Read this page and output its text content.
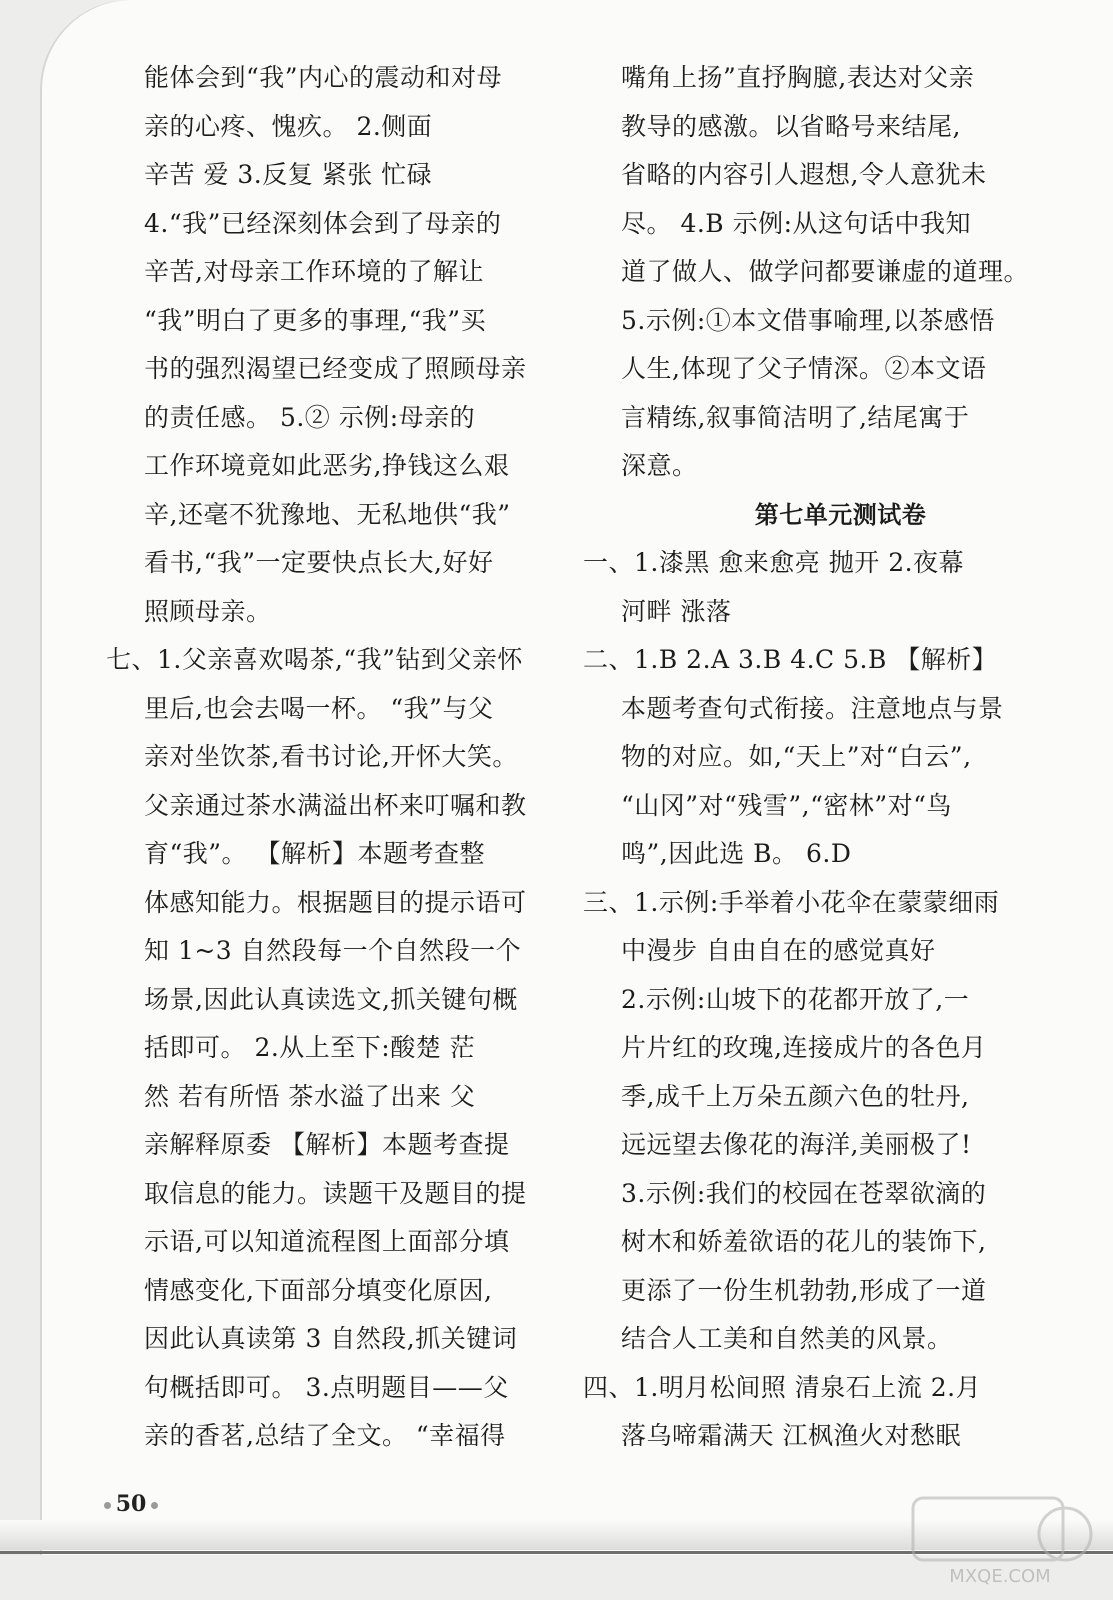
能体会到“我”内心的震动和对母
亲的心疼、愧疚。 2.侧面
辛苦 爱 3.反复 紧张 忙碌
4.“我”已经深刻体会到了母亲的
辛苦,对母亲工作环境的了解让
“我”明白了更多的事理,“我”买
书的强烈渴望已经变成了照顾母亲
的责任感。 5.② 示例:母亲的
工作环境竟如此恶劣,挣钱这么艰
辛,还毫不犹豫地、无私地供“我”
看书,“我”一定要快点长大,好好
照顾母亲。
七、1.父亲喜欢喝茶,“我”钻到父亲怀
里后,也会去喝一杯。 “我”与父
亲对坐饮茶,看书讨论,开怀大笑。
父亲通过茶水满溢出杯来叮嘱和教
育“我”。 【解析】本题考查整
体感知能力。根据题目的提示语可
知 1~3 自然段每一个自然段一个
场景,因此认真读选文,抓关键句概
括即可。 2.从上至下:酸楚 茫
然 若有所悟 茶水溢了出来 父
亲解释原委 【解析】本题考查提
取信息的能力。读题干及题目的提
示语,可以知道流程图上面部分填
情感变化,下面部分填变化原因,
因此认真读第 3 自然段,抓关键词
句概括即可。 3.点明题目——父
亲的香茗,总结了全文。 “幸福得
嘴角上扬”直抒胸臆,表达对父亲
教导的感激。以省略号来结尾,
省略的内容引人遐想,令人意犹未
尽。 4.B 示例:从这句话中我知
道了做人、做学问都要谦虚的道理。
5.示例:①本文借事喻理,以茶感悟
人生,体现了父子情深。②本文语
言精练,叙事简洁明了,结尾寓于
深意。
第七单元测试卷
一、1.漆黑 愈来愈亮 抛开 2.夜幕
河畔 涨落
二、1.B 2.A 3.B 4.C 5.B 【解析】
本题考查句式衔接。注意地点与景
物的对应。如,“天上”对“白云”,
“山冈”对“残雪”,“密林”对“鸟
鸣”,因此选 B。 6.D
三、1.示例:手举着小花伞在蒙蒙细雨
中漫步 自由自在的感觉真好
2.示例:山坡下的花都开放了,一
片片红的玫瑰,连接成片的各色月
季,成千上万朵五颜六色的牡丹,
远远望去像花的海洋,美丽极了!
3.示例:我们的校园在苍翠欲滴的
树木和娇羞欲语的花儿的装饰下,
更添了一份生机勃勃,形成了一道
结合人工美和自然美的风景。
四、1.明月松间照 清泉石上流 2.月
落乌啼霜满天 江枫渔火对愁眠
50
MXQE.COM
